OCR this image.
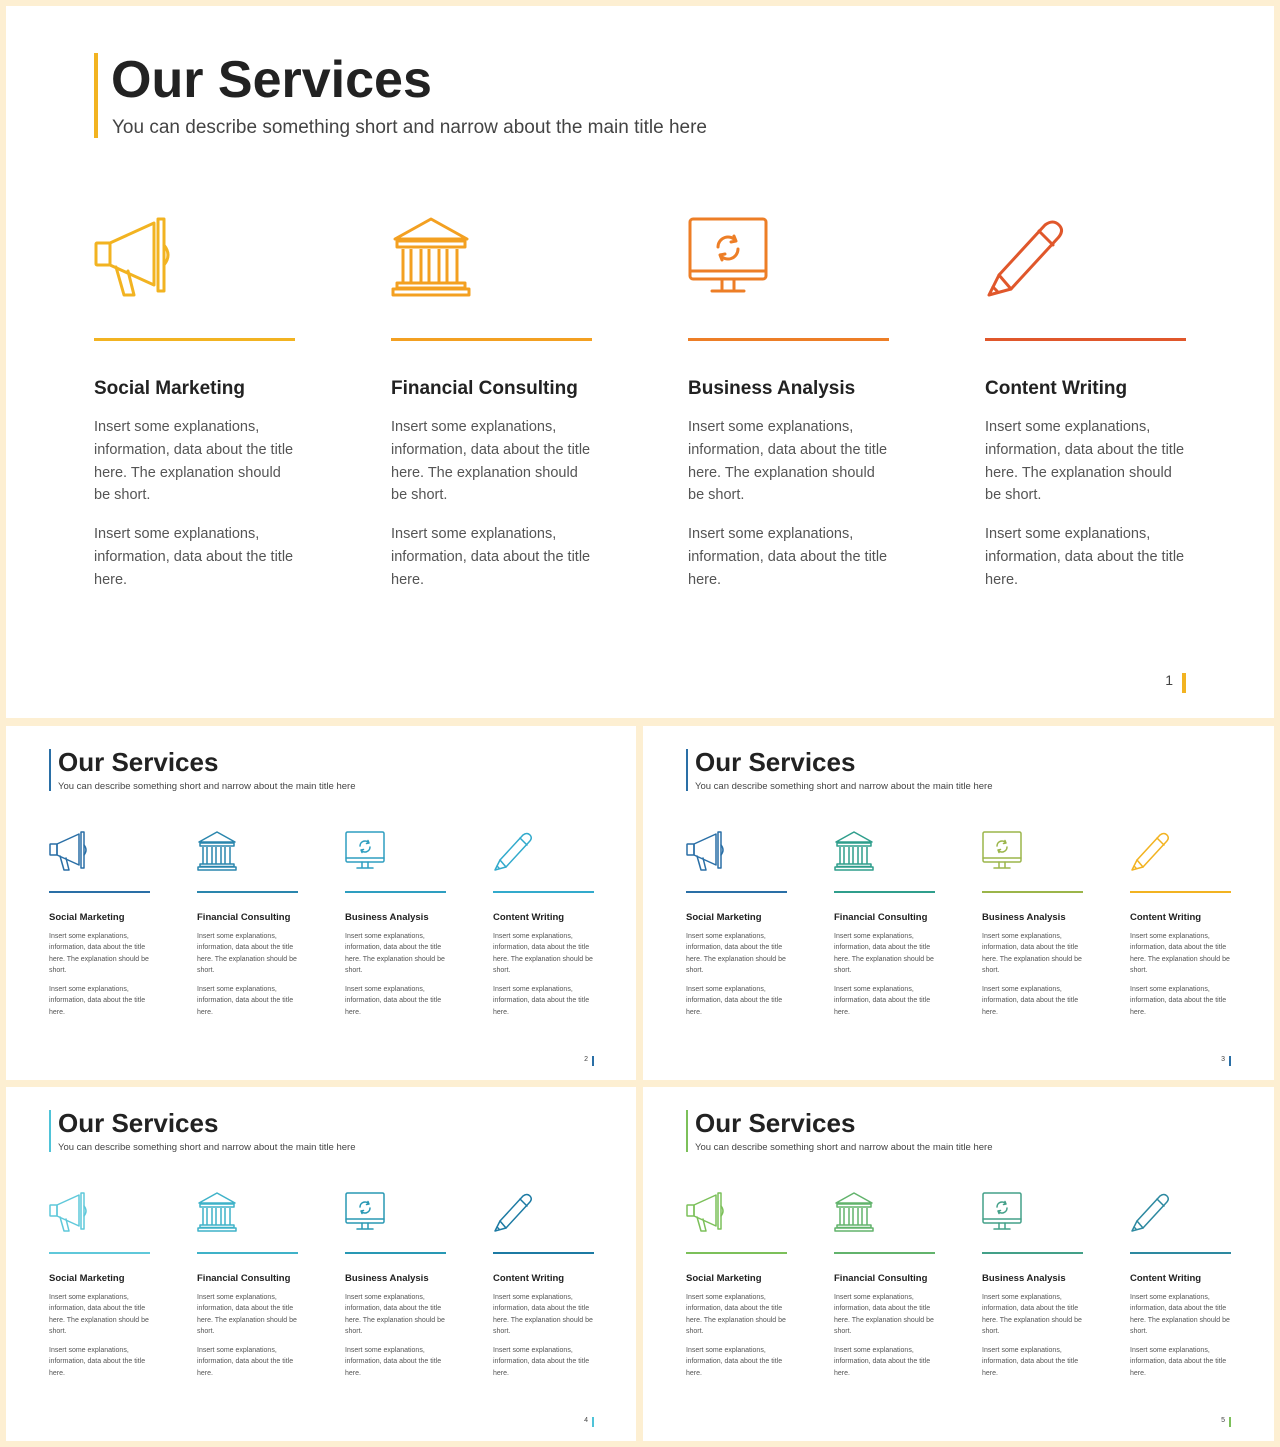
Our Services

You can describe something short and narrow about the main title here

Social Marketing

Insert some explanations, information, data about the title here. The explanation should be short.

Insert some explanations, information, data about the title here.

Financial Consulting

Insert some explanations, information, data about the title here. The explanation should be short.

Insert some explanations, information, data about the title here.

Business Analysis

Insert some explanations, information, data about the title here. The explanation should be short.

Insert some explanations, information, data about the title here.

Content Writing

Insert some explanations, information, data about the title here. The explanation should be short.

Insert some explanations, information, data about the title here.

1
Our Services

You can describe something short and narrow about the main title here

Social Marketing

Insert some explanations, information, data about the title here. The explanation should be short.

Insert some explanations, information, data about the title here.

Financial Consulting

Insert some explanations, information, data about the title here. The explanation should be short.

Insert some explanations, information, data about the title here.

Business Analysis

Insert some explanations, information, data about the title here. The explanation should be short.

Insert some explanations, information, data about the title here.

Content Writing

Insert some explanations, information, data about the title here. The explanation should be short.

Insert some explanations, information, data about the title here.

2
Our Services

You can describe something short and narrow about the main title here

Social Marketing

Insert some explanations, information, data about the title here. The explanation should be short.

Insert some explanations, information, data about the title here.

Financial Consulting

Insert some explanations, information, data about the title here. The explanation should be short.

Insert some explanations, information, data about the title here.

Business Analysis

Insert some explanations, information, data about the title here. The explanation should be short.

Insert some explanations, information, data about the title here.

Content Writing

Insert some explanations, information, data about the title here. The explanation should be short.

Insert some explanations, information, data about the title here.

3
Our Services

You can describe something short and narrow about the main title here

Social Marketing

Insert some explanations, information, data about the title here. The explanation should be short.

Insert some explanations, information, data about the title here.

Financial Consulting

Insert some explanations, information, data about the title here. The explanation should be short.

Insert some explanations, information, data about the title here.

Business Analysis

Insert some explanations, information, data about the title here. The explanation should be short.

Insert some explanations, information, data about the title here.

Content Writing

Insert some explanations, information, data about the title here. The explanation should be short.

Insert some explanations, information, data about the title here.

4
Our Services

You can describe something short and narrow about the main title here

Social Marketing

Insert some explanations, information, data about the title here. The explanation should be short.

Insert some explanations, information, data about the title here.

Financial Consulting

Insert some explanations, information, data about the title here. The explanation should be short.

Insert some explanations, information, data about the title here.

Business Analysis

Insert some explanations, information, data about the title here. The explanation should be short.

Insert some explanations, information, data about the title here.

Content Writing

Insert some explanations, information, data about the title here. The explanation should be short.

Insert some explanations, information, data about the title here.

5
